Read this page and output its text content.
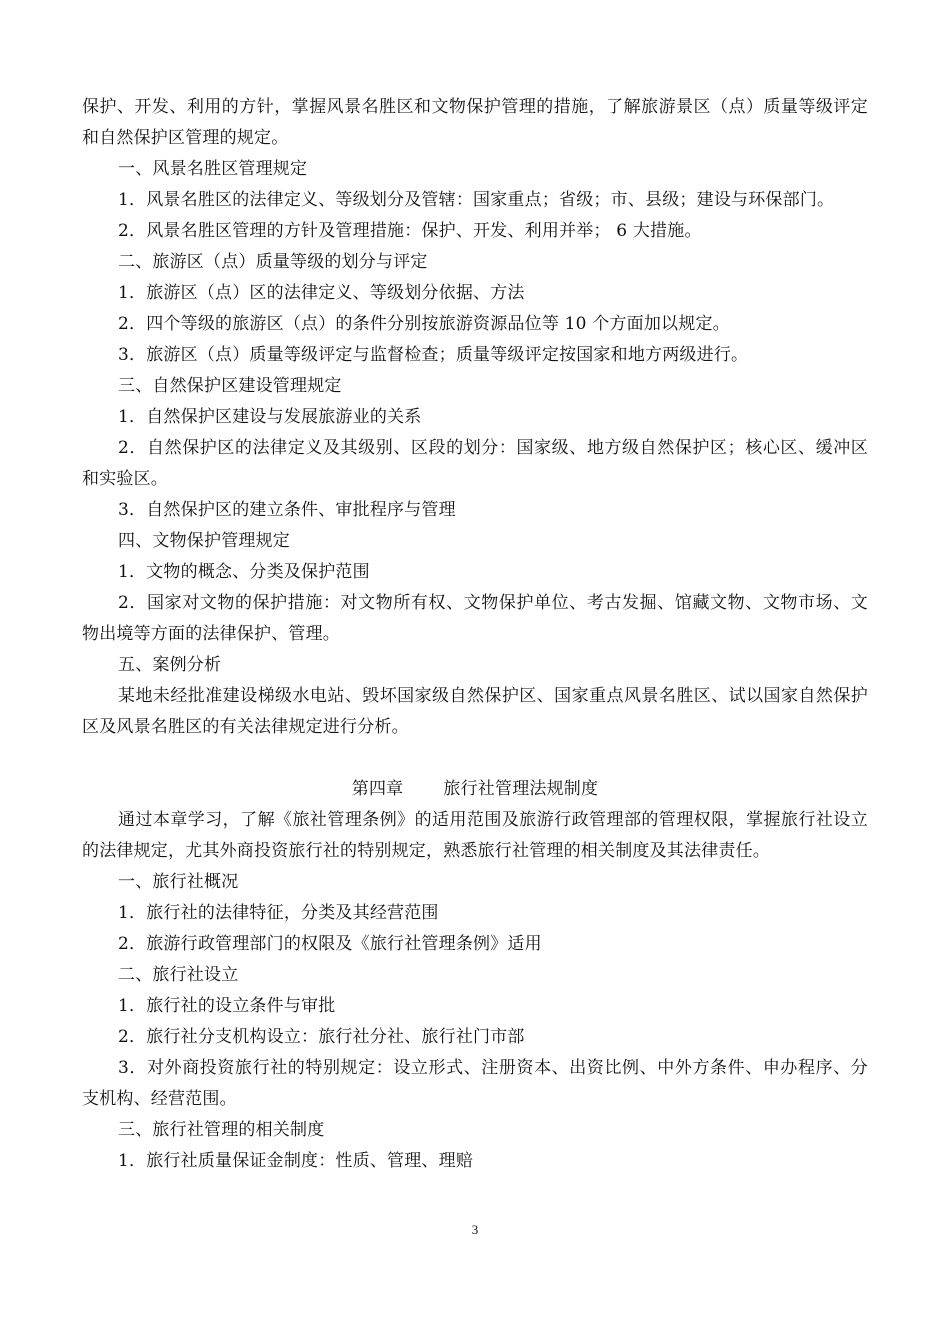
保护、开发、利用的方针，掌握风景名胜区和文物保护管理的措施，了解旅游景区（点）质量等级评定和自然保护区管理的规定。

一、风景名胜区管理规定

1．风景名胜区的法律定义、等级划分及管辖：国家重点；省级；市、县级；建设与环保部门。

2．风景名胜区管理的方针及管理措施：保护、开发、利用并举； 6 大措施。

二、旅游区（点）质量等级的划分与评定

1．旅游区（点）区的法律定义、等级划分依据、方法

2．四个等级的旅游区（点）的条件分别按旅游资源品位等 10 个方面加以规定。

3．旅游区（点）质量等级评定与监督检查；质量等级评定按国家和地方两级进行。

三、自然保护区建设管理规定

1．自然保护区建设与发展旅游业的关系

2．自然保护区的法律定义及其级别、区段的划分：国家级、地方级自然保护区；核心区、缓冲区和实验区。

3．自然保护区的建立条件、审批程序与管理

四、文物保护管理规定

1．文物的概念、分类及保护范围

2．国家对文物的保护措施：对文物所有权、文物保护单位、考古发掘、馆藏文物、文物市场、文物出境等方面的法律保护、管理。

五、案例分析

某地未经批准建设梯级水电站、毁坏国家级自然保护区、国家重点风景名胜区、试以国家自然保护区及风景名胜区的有关法律规定进行分析。

第四章 旅行社管理法规制度

通过本章学习，了解《旅社管理条例》的适用范围及旅游行政管理部的管理权限，掌握旅行社设立的法律规定，尤其外商投资旅行社的特别规定，熟悉旅行社管理的相关制度及其法律责任。

一、旅行社概况

1．旅行社的法律特征，分类及其经营范围

2．旅游行政管理部门的权限及《旅行社管理条例》适用

二、旅行社设立

1．旅行社的设立条件与审批

2．旅行社分支机构设立：旅行社分社、旅行社门市部

3．对外商投资旅行社的特别规定：设立形式、注册资本、出资比例、中外方条件、申办程序、分支机构、经营范围。

三、旅行社管理的相关制度

1．旅行社质量保证金制度：性质、管理、理赔

3
